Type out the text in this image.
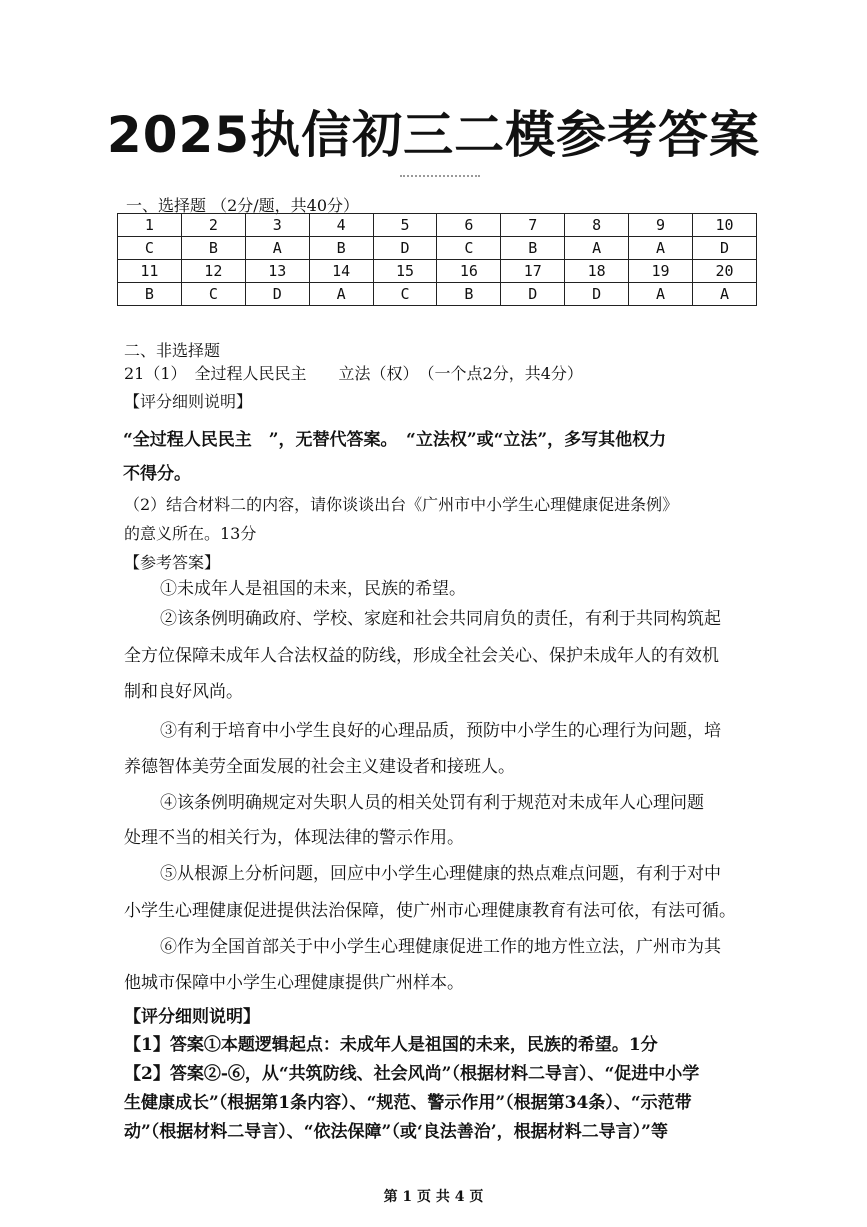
2025执信初三二模参考答案
一、选择题 （2分/题，共40分）
1	2	3	4	5	6	7	8	9	10
C	B	A	B	D	C	B	A	A	D
11	12	13	14	15	16	17	18	19	20
B	C	D	A	C	B	D	D	A	A
二、非选择题
21（1）　全过程人民民主　　立法（权）　（一个点2分，共4分）
【评分细则说明】
“全过程人民民主　”，无替代答案。　“立法权”或“立法”，多写其他权力
不得分。
（2）结合材料二的内容，请你谈谈出台《广州市中小学生心理健康促进条例》
的意义所在。13分
【参考答案】
①未成年人是祖国的未来，民族的希望。
②该条例明确政府、学校、家庭和社会共同肩负的责任，有利于共同构筑起
全方位保障未成年人合法权益的防线，形成全社会关心、保护未成年人的有效机
制和良好风尚。
③有利于培育中小学生良好的心理品质，预防中小学生的心理行为问题，培
养德智体美劳全面发展的社会主义建设者和接班人。
④该条例明确规定对失职人员的相关处罚有利于规范对未成年人心理问题
处理不当的相关行为，体现法律的警示作用。
⑤从根源上分析问题，回应中小学生心理健康的热点难点问题，有利于对中
小学生心理健康促进提供法治保障，使广州市心理健康教育有法可依，有法可循。
⑥作为全国首部关于中小学生心理健康促进工作的地方性立法，广州市为其
他城市保障中小学生心理健康提供广州样本。
【评分细则说明】
【1】答案①本题逻辑起点：未成年人是祖国的未来，民族的希望。1分
【2】答案②-⑥，从“共筑防线、社会风尚”（根据材料二导言）、“促进中小学
生健康成长”（根据第1条内容）、“规范、警示作用”（根据第34条）、“示范带
动”（根据材料二导言）、“依法保障”（或‘良法善治’，根据材料二导言）”等
第 1 页 共 4 页
